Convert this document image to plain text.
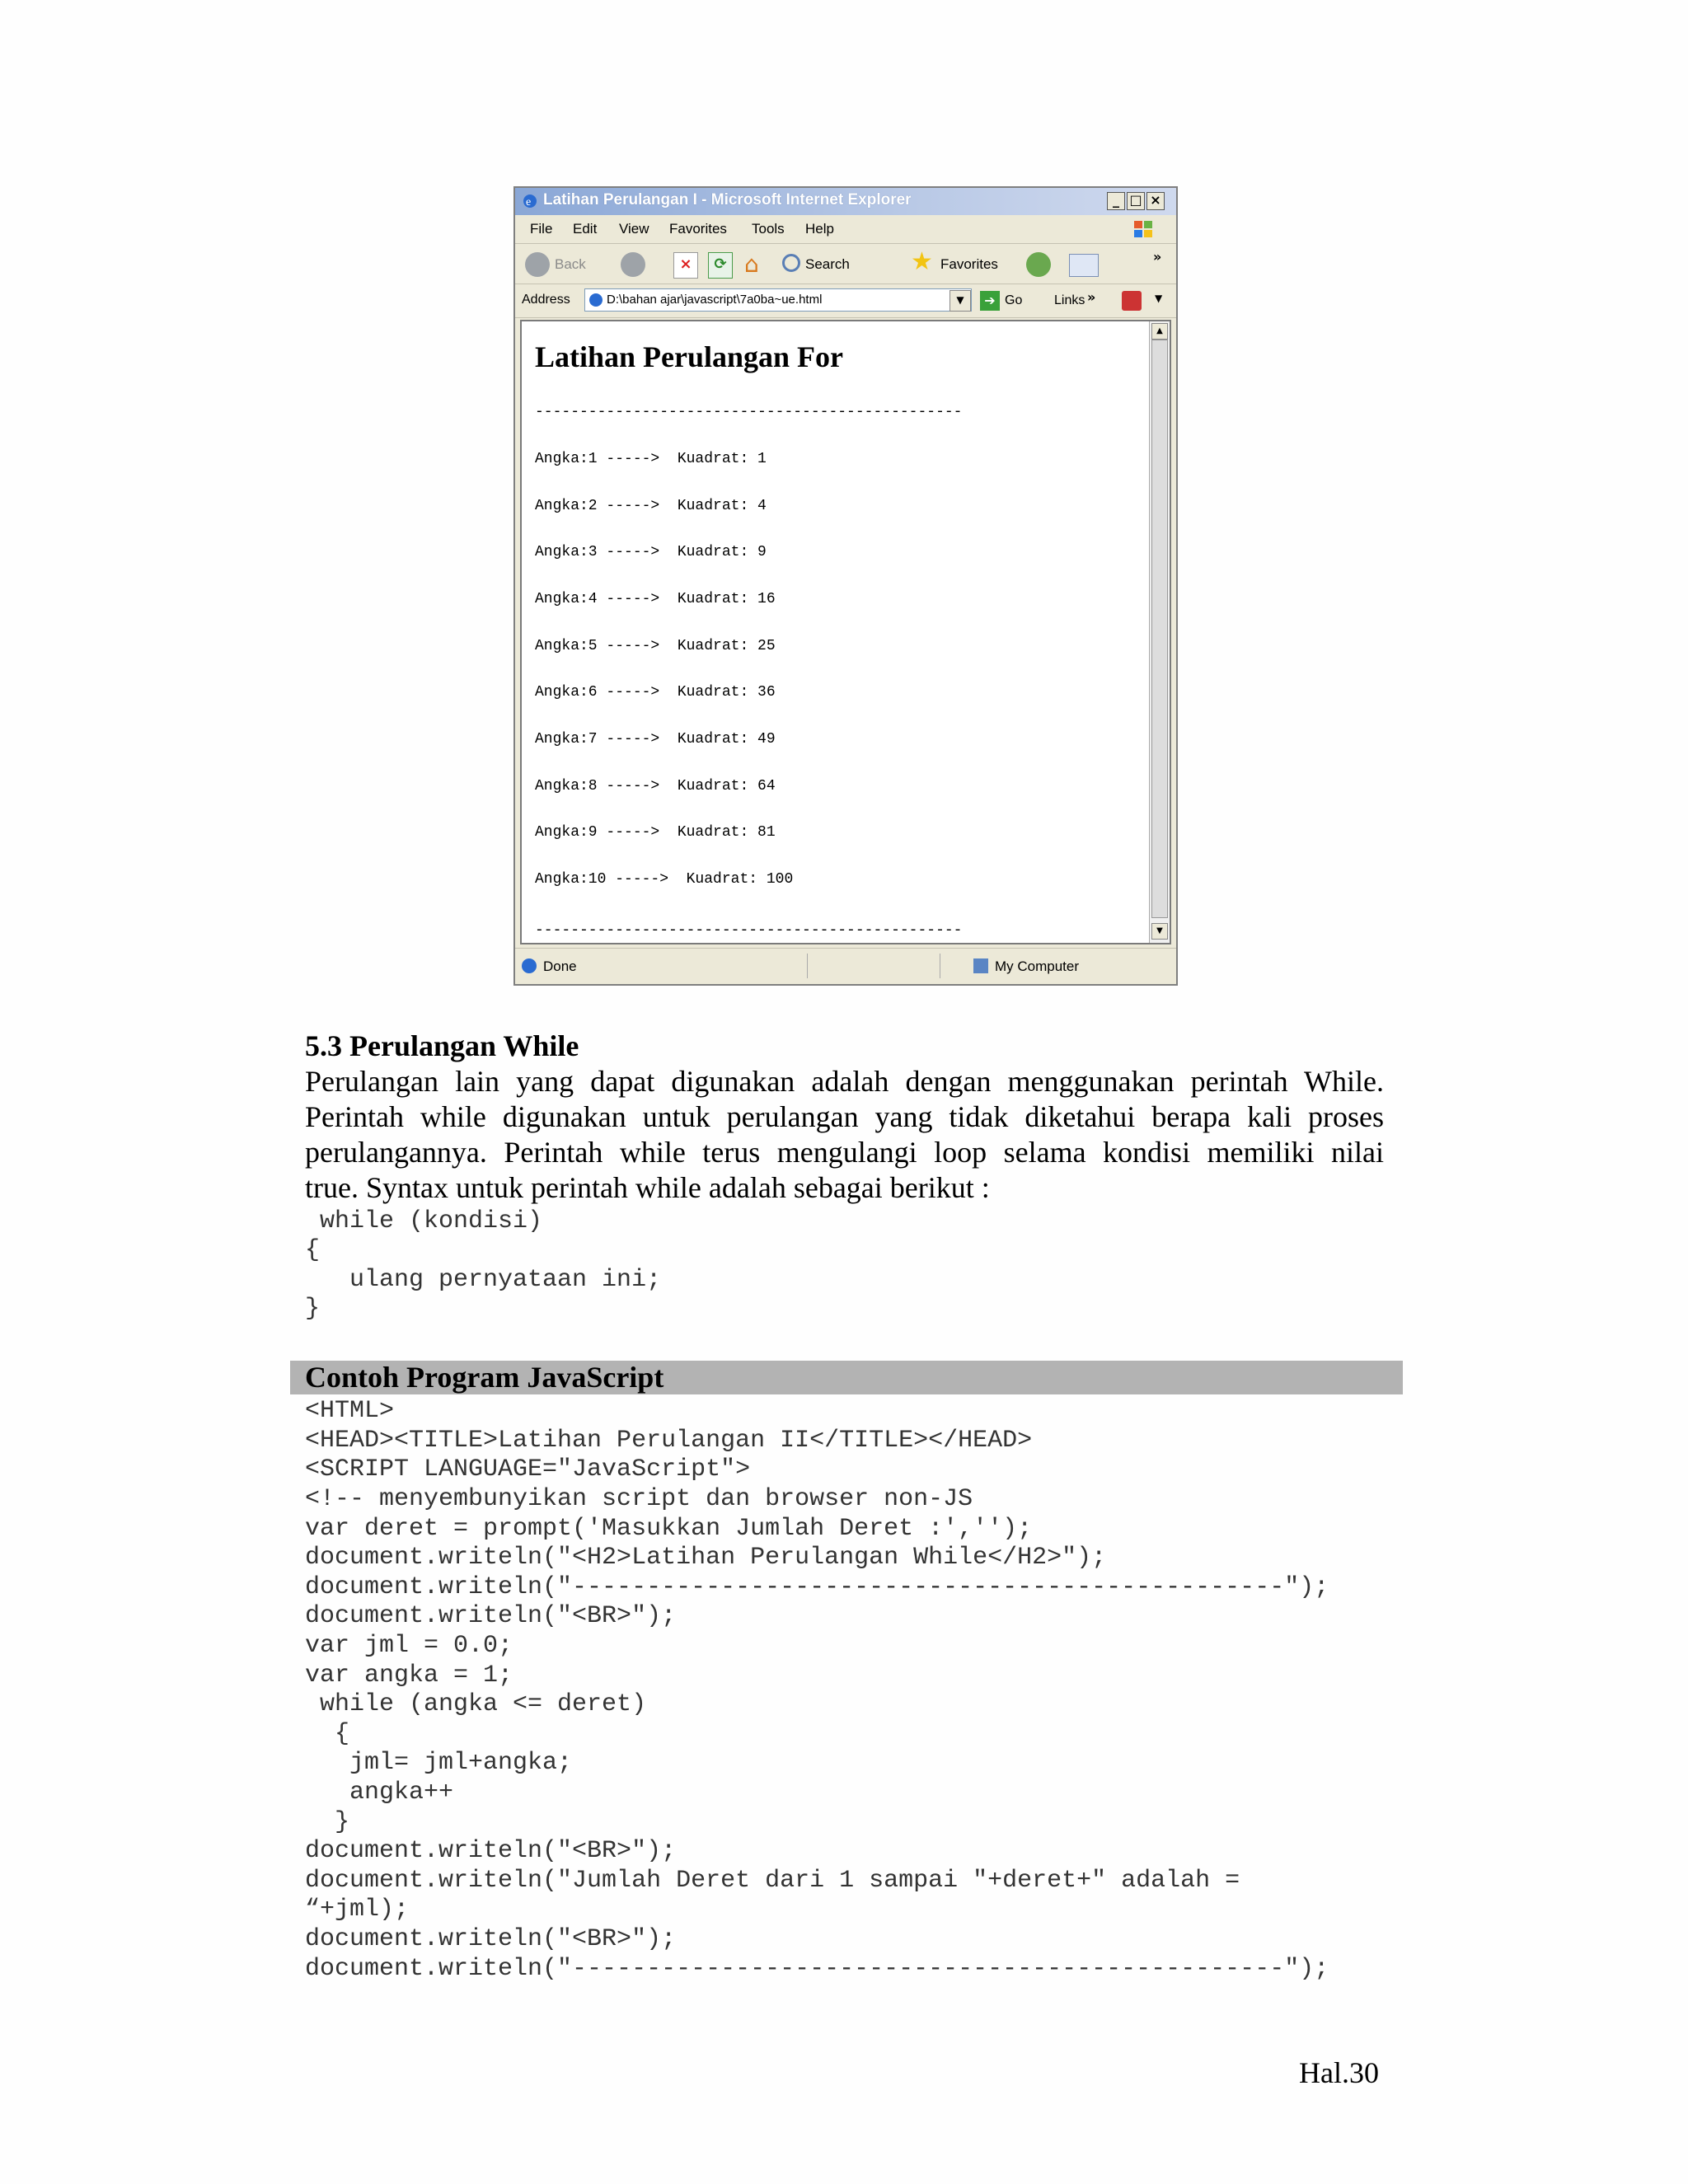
e Latihan Perulangan I - Microsoft Internet Explorer	_ □ ×
File Edit View Favorites Tools Help
Back	×	⟳ ⌂	Search ★ Favorites	»
Address	D:\bahan ajar\javascript\7a0ba~ue.html	▼	➔ Go Links »	▼
Latihan Perulangan For
------------------------------------------------
Angka:1 ----->  Kuadrat: 1
Angka:2 ----->  Kuadrat: 4
Angka:3 ----->  Kuadrat: 9
Angka:4 ----->  Kuadrat: 16
Angka:5 ----->  Kuadrat: 25
Angka:6 ----->  Kuadrat: 36
Angka:7 ----->  Kuadrat: 49
Angka:8 ----->  Kuadrat: 64
Angka:9 ----->  Kuadrat: 81
Angka:10 ----->  Kuadrat: 100
------------------------------------------------
▲
▼
Done	My Computer
5.3 Perulangan While
Perulangan lain yang dapat digunakan adalah dengan menggunakan perintah While.
Perintah while digunakan untuk perulangan yang tidak diketahui berapa kali proses
perulangannya. Perintah while terus mengulangi loop selama kondisi memiliki nilai
true. Syntax untuk perintah while adalah sebagai berikut :
while (kondisi)
{
ulang pernyataan ini;
}
Contoh Program JavaScript
<HTML>
<HEAD><TITLE>Latihan Perulangan II</TITLE></HEAD>
<SCRIPT LANGUAGE="JavaScript">
<!-- menyembunyikan script dan browser non-JS
var deret = prompt('Masukkan Jumlah Deret :','');
document.writeln("<H2>Latihan Perulangan While</H2>");
document.writeln("------------------------------------------------");
document.writeln("<BR>");
var jml = 0.0;
var angka = 1;
while (angka <= deret)
{
jml= jml+angka;
angka++
}
document.writeln("<BR>");
document.writeln("Jumlah Deret dari 1 sampai "+deret+" adalah =
“+jml);
document.writeln("<BR>");
document.writeln("------------------------------------------------");
Hal.30
